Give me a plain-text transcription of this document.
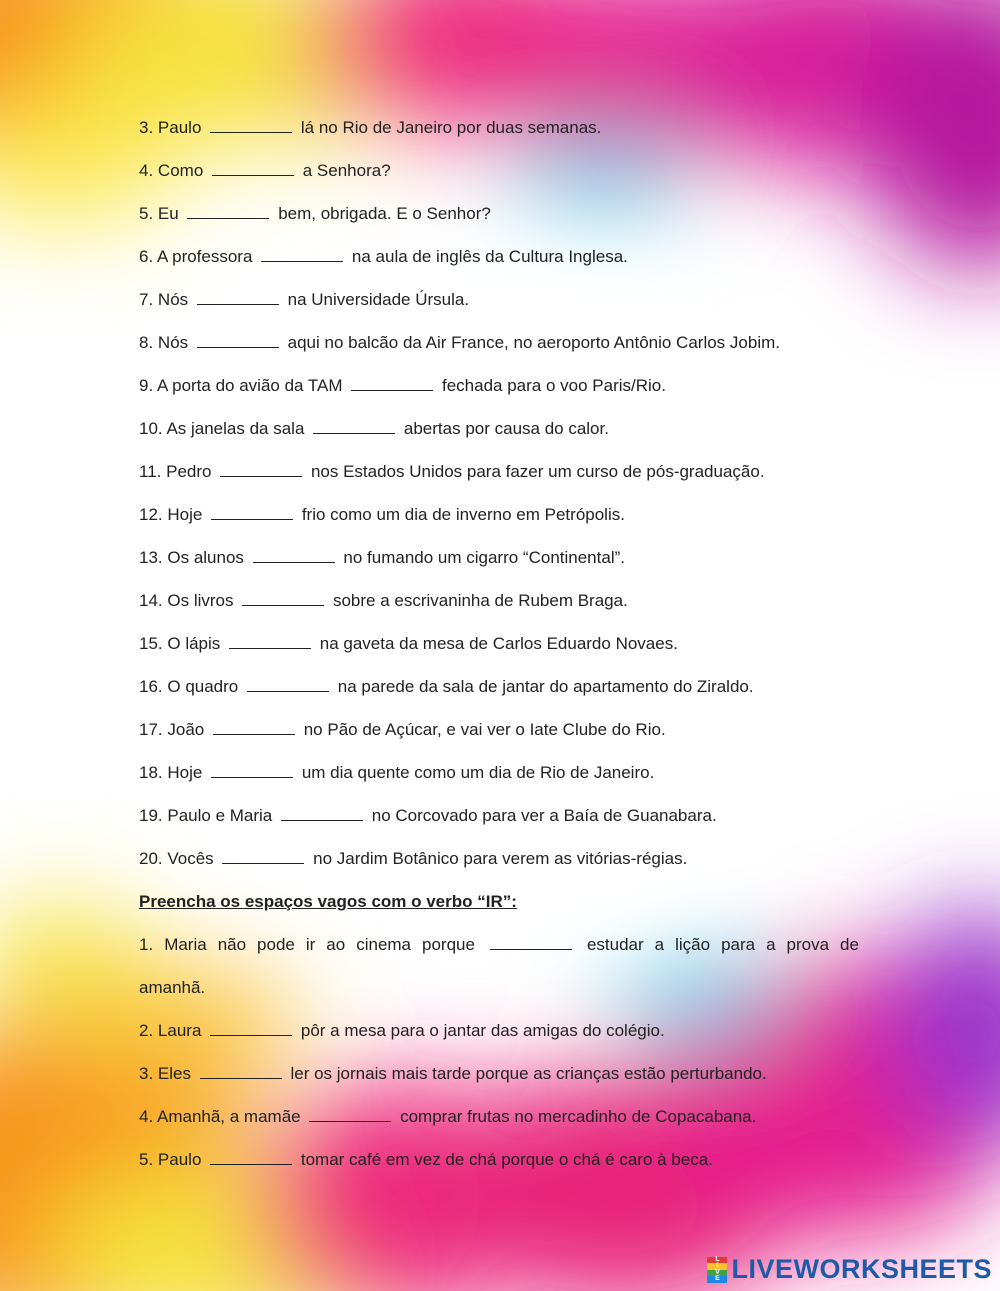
3. Paulo	lá no Rio de Janeiro por duas semanas.
4. Como	a Senhora?
5. Eu	bem, obrigada. E o Senhor?
6. A professora	na aula de inglês da Cultura Inglesa.
7. Nós	na Universidade Úrsula.
8. Nós	aqui no balcão da Air France, no aeroporto Antônio Carlos Jobim.
9. A porta do avião da TAM	fechada para o voo Paris/Rio.
10. As janelas da sala	abertas por causa do calor.
11. Pedro	nos Estados Unidos para fazer um curso de pós-graduação.
12. Hoje	frio como um dia de inverno em Petrópolis.
13. Os alunos	no fumando um cigarro “Continental”.
14. Os livros	sobre a escrivaninha de Rubem Braga.
15. O lápis	na gaveta da mesa de Carlos Eduardo Novaes.
16. O quadro	na parede da sala de jantar do apartamento do Ziraldo.
17. João	no Pão de Açúcar, e vai ver o Iate Clube do Rio.
18. Hoje	um dia quente como um dia de Rio de Janeiro.
19. Paulo e Maria	no Corcovado para ver a Baía de Guanabara.
20. Vocês	no Jardim Botânico para verem as vitórias-régias.
Preencha os espaços vagos com o verbo “IR”:
1. Maria não pode ir ao cinema porque	estudar a lição para a prova de
amanhã.
2. Laura	pôr a mesa para o jantar das amigas do colégio.
3. Eles	ler os jornais mais tarde porque as crianças estão perturbando.
4. Amanhã, a mamãe	comprar frutas no mercadinho de Copacabana.
5. Paulo	tomar café em vez de chá porque o chá é caro à beca.
L
I
V
E LIVEWORKSHEETS
